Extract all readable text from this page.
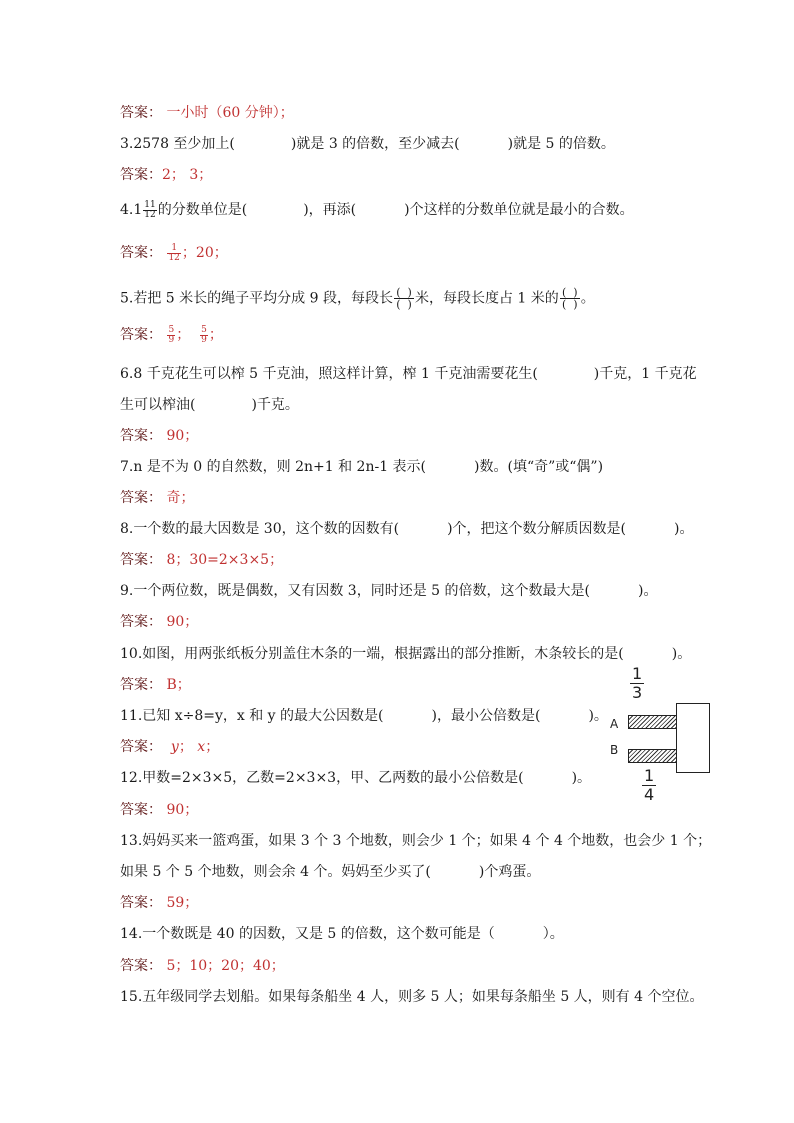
答案： 一小时（60 分钟）；
3.2578 至少加上(	)就是 3 的倍数，至少减去(	)就是 5 的倍数。
答案：2； 3；
$4.1 \frac{11}{12}$ 的分数单位是(	)，再添(	)个这样的分数单位就是最小的合数。
答案： $\frac{1}{12}$ ；20；
5.若把 5 米长的绳子平均分成 9 段，每段长 $\frac{( )}{( )}$ 米，每段长度占 1 米的 $\frac{( )}{( )}$ 。
答案： $\frac{5}{9}$ ； $\frac{5}{9}$ ；
6.8 千克花生可以榨 5 千克油，照这样计算，榨 1 千克油需要花生(	)千克，1 千克花
生可以榨油(	)千克。
答案： 90；
7.n 是不为 0 的自然数，则 2n+1 和 2n-1 表示(	)数。(填“奇”或“偶”)
答案： 奇；
8.一个数的最大因数是 30，这个数的因数有(	)个，把这个数分解质因数是(	)。
答案： 8；30=2×3×5；
9.一个两位数，既是偶数，又有因数 3，同时还是 5 的倍数，这个数最大是(	)。
答案： 90；
10.如图，用两张纸板分别盖住木条的一端，根据露出的部分推断，木条较长的是(	)。
答案： B；
11.已知 x÷8=y，x 和 y 的最大公因数是(	)，最小公倍数是(	)。
答案： y； x；
12.甲数=2×3×5，乙数=2×3×3，甲、乙两数的最小公倍数是(	)。
答案： 90；
13.妈妈买来一篮鸡蛋，如果 3 个 3 个地数，则会少 1 个；如果 4 个 4 个地数，也会少 1 个；
如果 5 个 5 个地数，则会余 4 个。妈妈至少买了(	)个鸡蛋。
答案： 59；
14.一个数既是 40 的因数，又是 5 的倍数，这个数可能是（	）。
答案： 5；10；20；40；
15.五年级同学去划船。如果每条船坐 4 人，则多 5 人；如果每条船坐 5 人，则有 4 个空位。
$\frac{1}{3}$
A
B
$\frac{1}{4}$
